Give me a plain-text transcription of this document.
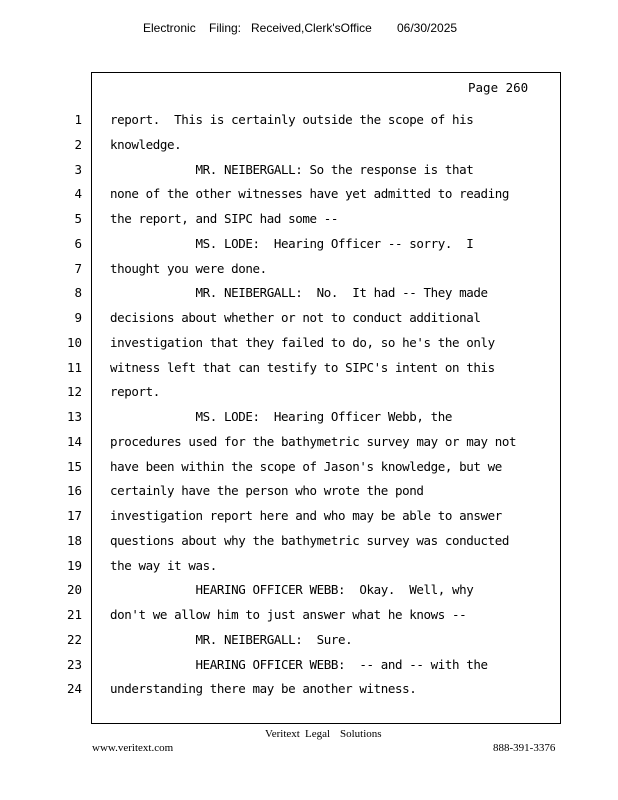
Electronic Filing: Received,Clerk'sOffice 06/30/2025
Page 260
1 report.  This is certainly outside the scope of his
2 knowledge.
3 MR. NEIBERGALL: So the response is that
4 none of the other witnesses have yet admitted to reading
5 the report, and SIPC had some --
6 MS. LODE:  Hearing Officer -- sorry.  I
7 thought you were done.
8 MR. NEIBERGALL:  No.  It had -- They made
9 decisions about whether or not to conduct additional
10 investigation that they failed to do, so he's the only
11 witness left that can testify to SIPC's intent on this
12 report.
13 MS. LODE:  Hearing Officer Webb, the
14 procedures used for the bathymetric survey may or may not
15 have been within the scope of Jason's knowledge, but we
16 certainly have the person who wrote the pond
17 investigation report here and who may be able to answer
18 questions about why the bathymetric survey was conducted
19 the way it was.
20 HEARING OFFICER WEBB:  Okay.  Well, why
21 don't we allow him to just answer what he knows --
22 MR. NEIBERGALL:  Sure.
23 HEARING OFFICER WEBB:  -- and -- with the
24 understanding there may be another witness.
Veritext Legal Solutions
www.veritext.com	888-391-3376
